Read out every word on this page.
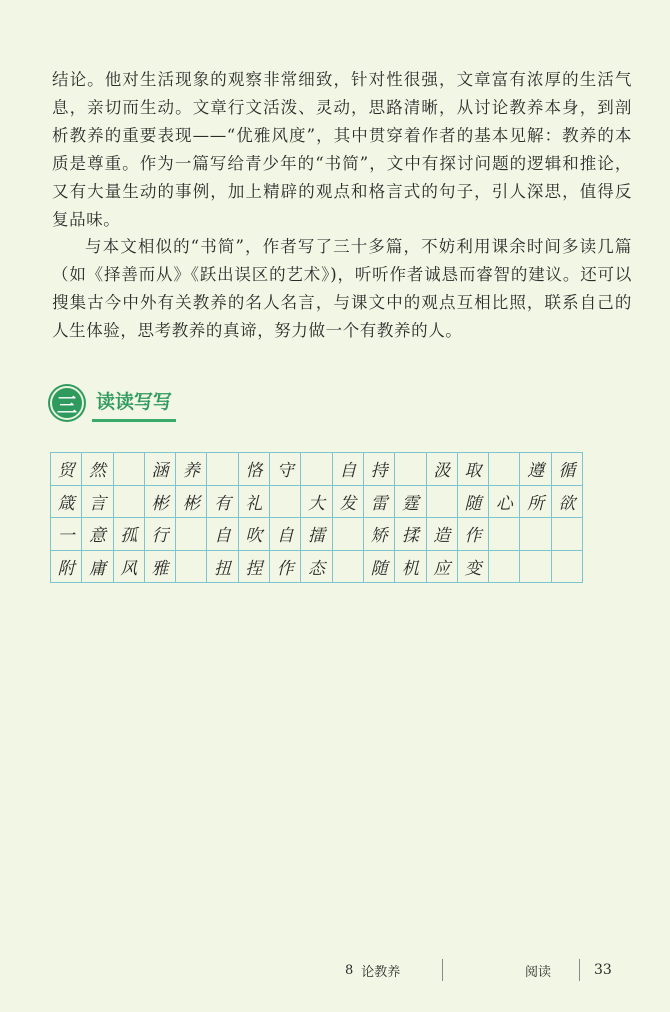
结论。他对生活现象的观察非常细致，针对性很强，文章富有浓厚的生活气息，亲切而生动。文章行文活泼、灵动，思路清晰，从讨论教养本身，到剖析教养的重要表现——“优雅风度”，其中贯穿着作者的基本见解：教养的本质是尊重。作为一篇写给青少年的“书简”，文中有探讨问题的逻辑和推论，又有大量生动的事例，加上精辟的观点和格言式的句子，引人深思，值得反复品味。

与本文相似的“书简”，作者写了三十多篇，不妨利用课余时间多读几篇（如《择善而从》《跃出误区的艺术》)，听听作者诚恳而睿智的建议。还可以搜集古今中外有关教养的名人名言，与课文中的观点互相比照，联系自己的人生体验，思考教养的真谛，努力做一个有教养的人。

三	读读写写
贸	然		涵	养		恪	守		自	持		汲	取		遵	循
箴	言		彬	彬	有	礼		大	发	雷	霆		随	心	所	欲
一	意	孤	行		自	吹	自	擂		矫	揉	造	作			
附	庸	风	雅		扭	捏	作	态		随	机	应	变			
8 论教养	阅读	33
